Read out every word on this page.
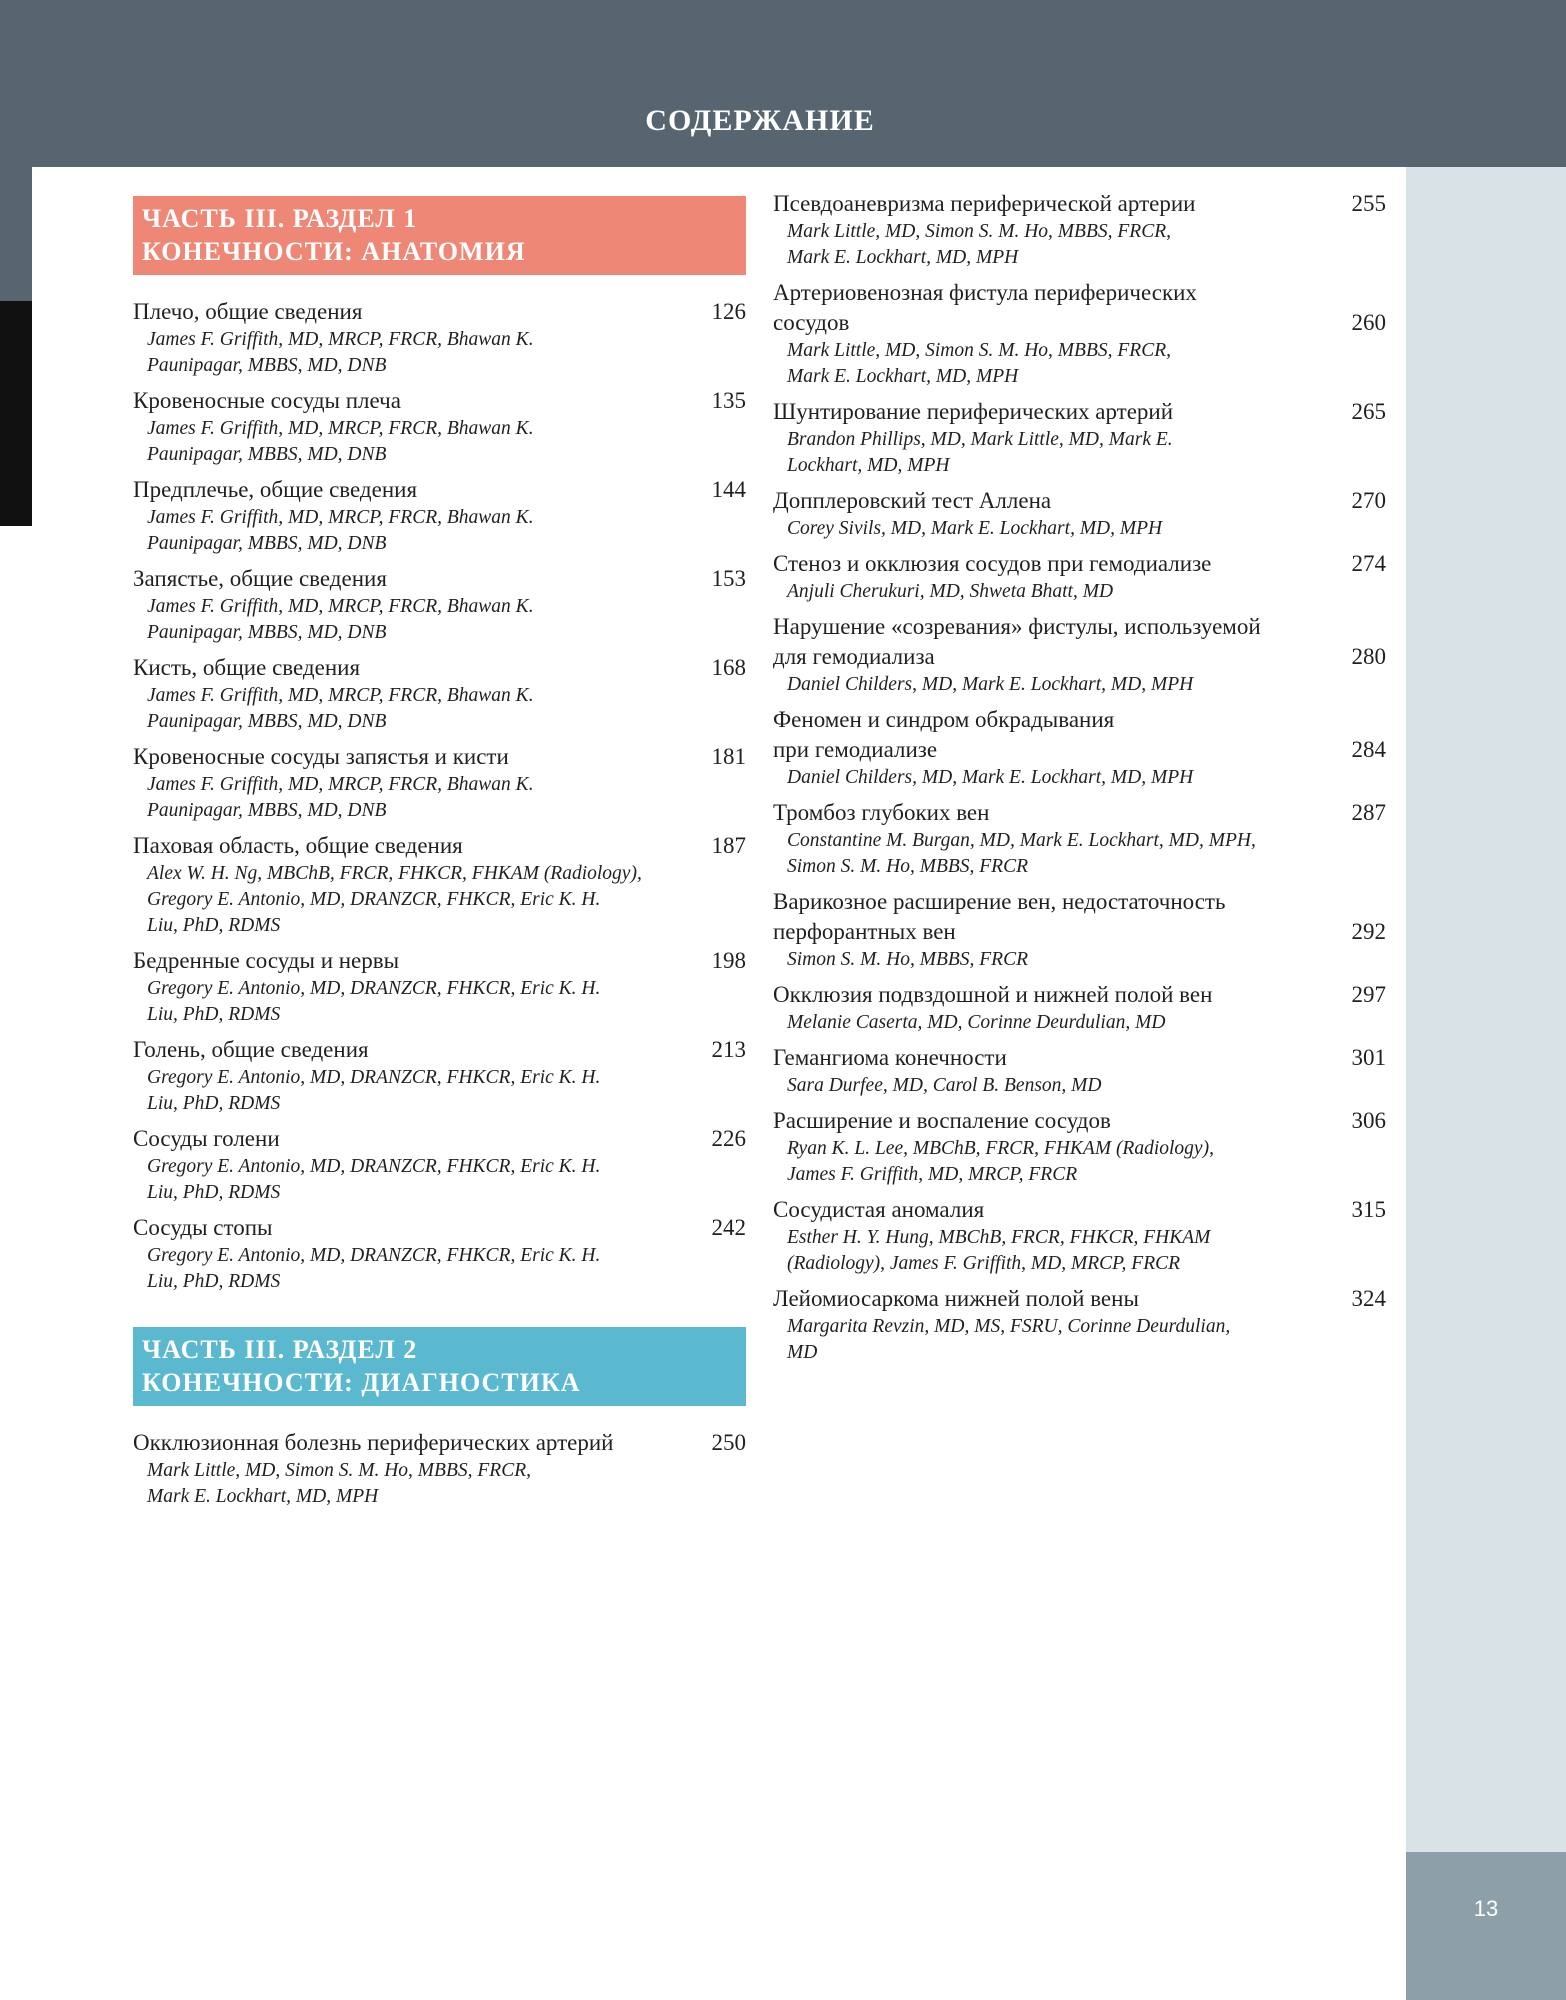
СОДЕРЖАНИЕ
13
ЧАСТЬ III. РАЗДЕЛ 1
КОНЕЧНОСТИ: АНАТОМИЯ
Плечо, общие сведения	126
James F. Griffith, MD, MRCP, FRCR, Bhawan K.
Paunipagar, MBBS, MD, DNB
Кровеносные сосуды плеча	135
James F. Griffith, MD, MRCP, FRCR, Bhawan K.
Paunipagar, MBBS, MD, DNB
Предплечье, общие сведения	144
James F. Griffith, MD, MRCP, FRCR, Bhawan K.
Paunipagar, MBBS, MD, DNB
Запястье, общие сведения	153
James F. Griffith, MD, MRCP, FRCR, Bhawan K.
Paunipagar, MBBS, MD, DNB
Кисть, общие сведения	168
James F. Griffith, MD, MRCP, FRCR, Bhawan K.
Paunipagar, MBBS, MD, DNB
Кровеносные сосуды запястья и кисти	181
James F. Griffith, MD, MRCP, FRCR, Bhawan K.
Paunipagar, MBBS, MD, DNB
Паховая область, общие сведения	187
Alex W. H. Ng, MBChB, FRCR, FHKCR, FHKAM (Radiology),
Gregory E. Antonio, MD, DRANZCR, FHKCR, Eric K. H.
Liu, PhD, RDMS
Бедренные сосуды и нервы	198
Gregory E. Antonio, MD, DRANZCR, FHKCR, Eric K. H.
Liu, PhD, RDMS
Голень, общие сведения	213
Gregory E. Antonio, MD, DRANZCR, FHKCR, Eric K. H.
Liu, PhD, RDMS
Сосуды голени	226
Gregory E. Antonio, MD, DRANZCR, FHKCR, Eric K. H.
Liu, PhD, RDMS
Сосуды стопы	242
Gregory E. Antonio, MD, DRANZCR, FHKCR, Eric K. H.
Liu, PhD, RDMS
ЧАСТЬ III. РАЗДЕЛ 2
КОНЕЧНОСТИ: ДИАГНОСТИКА
Окклюзионная болезнь периферических артерий	250
Mark Little, MD, Simon S. M. Ho, MBBS, FRCR,
Mark E. Lockhart, MD, MPH
Псевдоаневризма периферической артерии	255
Mark Little, MD, Simon S. M. Ho, MBBS, FRCR,
Mark E. Lockhart, MD, MPH
Артериовенозная фистула периферических
сосудов	260
Mark Little, MD, Simon S. M. Ho, MBBS, FRCR,
Mark E. Lockhart, MD, MPH
Шунтирование периферических артерий	265
Brandon Phillips, MD, Mark Little, MD, Mark E.
Lockhart, MD, MPH
Допплеровский тест Аллена	270
Corey Sivils, MD, Mark E. Lockhart, MD, MPH
Стеноз и окклюзия сосудов при гемодиализе	274
Anjuli Cherukuri, MD, Shweta Bhatt, MD
Нарушение «созревания» фистулы, используемой
для гемодиализа	280
Daniel Childers, MD, Mark E. Lockhart, MD, MPH
Феномен и синдром обкрадывания
при гемодиализе	284
Daniel Childers, MD, Mark E. Lockhart, MD, MPH
Тромбоз глубоких вен	287
Constantine M. Burgan, MD, Mark E. Lockhart, MD, MPH,
Simon S. M. Ho, MBBS, FRCR
Варикозное расширение вен, недостаточность
перфорантных вен	292
Simon S. M. Ho, MBBS, FRCR
Окклюзия подвздошной и нижней полой вен	297
Melanie Caserta, MD, Corinne Deurdulian, MD
Гемангиома конечности	301
Sara Durfee, MD, Carol B. Benson, MD
Расширение и воспаление сосудов	306
Ryan K. L. Lee, MBChB, FRCR, FHKAM (Radiology),
James F. Griffith, MD, MRCP, FRCR
Сосудистая аномалия	315
Esther H. Y. Hung, MBChB, FRCR, FHKCR, FHKAM
(Radiology), James F. Griffith, MD, MRCP, FRCR
Лейомиосаркома нижней полой вены	324
Margarita Revzin, MD, MS, FSRU, Corinne Deurdulian,
MD
